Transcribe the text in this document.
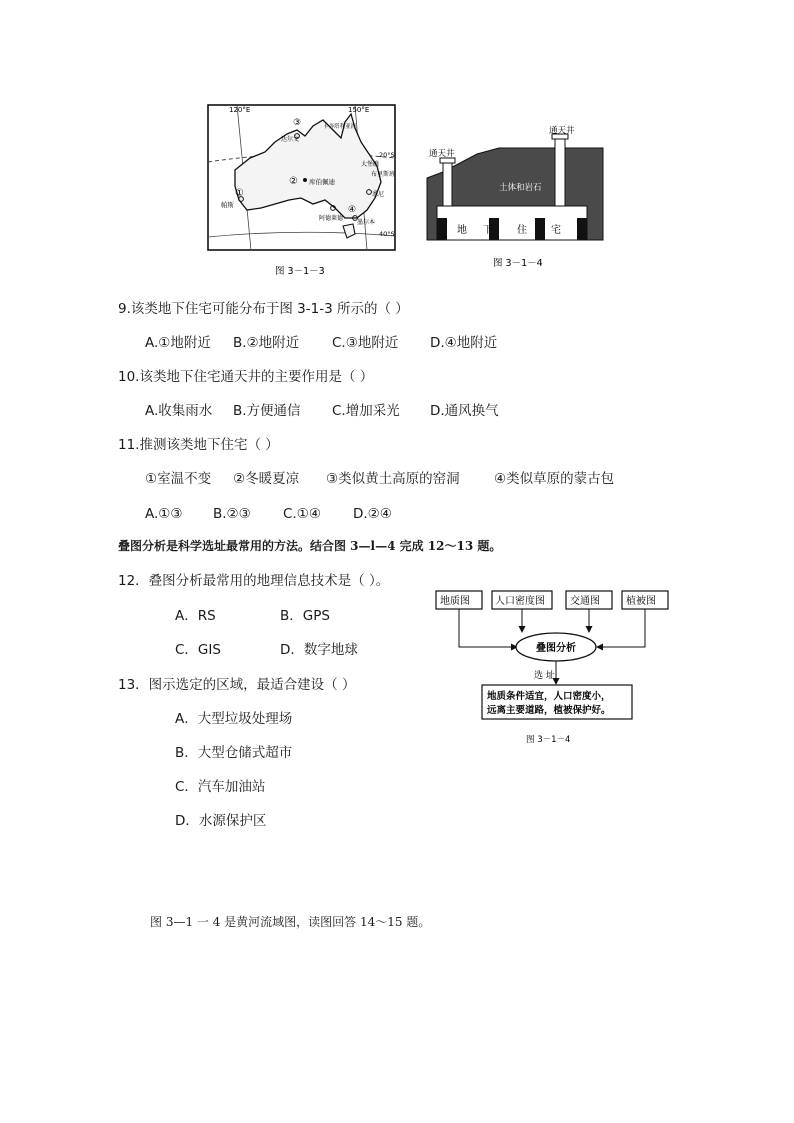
120°E	150°E
20°S
40°S
①
帕斯
② 库伯佩迪
③
达尔文
④
墨尔本
悉尼
布里斯班
大堡礁
阿德莱德
卡奔塔利亚湾
图 3－1－3
通天井
通天井
土体和岩石
地 下 住 宅
图 3－1－4
9.该类地下住宅可能分布于图 3-1-3 所示的（ ）
A.①地附近 B.②地附近 C.③地附近 D.④地附近
10.该类地下住宅通天井的主要作用是（ ）
A.收集雨水 B.方便通信 C.增加采光 D.通风换气
11.推测该类地下住宅（ ）
①室温不变 ②冬暖夏凉 ③类似黄土高原的窑洞	④类似草原的蒙古包
A.①③ B.②③ C.①④ D.②④
叠图分析是科学选址最常用的方法。结合图 3—l—4 完成 12～13 题。
12．叠图分析最常用的地理信息技术是（ ）。
A．RS	B．GPS
C．GIS	D．数字地球
13．图示选定的区域，最适合建设（ ）
A．大型垃圾处理场
B．大型仓储式超市
C．汽车加油站
D．水源保护区
地质图	人口密度图	交通图	植被图
叠图分析
选 址
地质条件适宜，人口密度小，
远离主要道路，植被保护好。
图 3－1－4
图 3—1 一 4 是黄河流域图，读图回答 14～15 题。
